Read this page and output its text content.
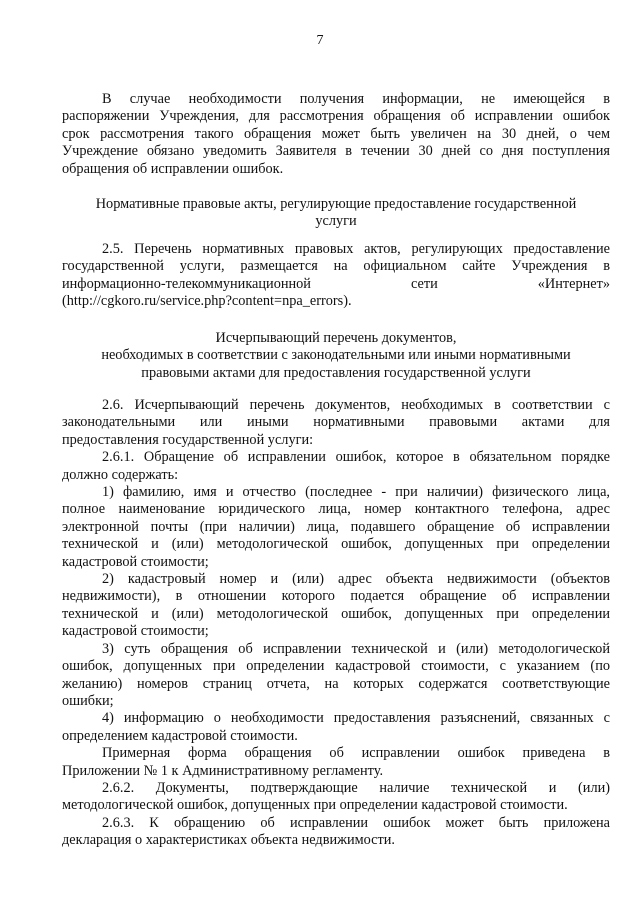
7
В случае необходимости получения информации, не имеющейся в
распоряжении Учреждения, для рассмотрения обращения об исправлении ошибок
срок рассмотрения такого обращения может быть увеличен на 30 дней, о чем
Учреждение обязано уведомить Заявителя в течении 30 дней со дня поступления
обращения об исправлении ошибок.
Нормативные правовые акты, регулирующие предоставление государственной
услуги
2.5. Перечень нормативных правовых актов, регулирующих предоставление
государственной услуги, размещается на официальном сайте Учреждения в
информационно-телекоммуникационной сети «Интернет»
(http://cgkoro.ru/service.php?content=npa_errors).
Исчерпывающий перечень документов,
необходимых в соответствии с законодательными или иными нормативными
правовыми актами для предоставления государственной услуги
2.6. Исчерпывающий перечень документов, необходимых в соответствии с
законодательными или иными нормативными правовыми актами для
предоставления государственной услуги:
2.6.1. Обращение об исправлении ошибок, которое в обязательном порядке
должно содержать:
1) фамилию, имя и отчество (последнее - при наличии) физического лица,
полное наименование юридического лица, номер контактного телефона, адрес
электронной почты (при наличии) лица, подавшего обращение об исправлении
технической и (или) методологической ошибок, допущенных при определении
кадастровой стоимости;
2) кадастровый номер и (или) адрес объекта недвижимости (объектов
недвижимости), в отношении которого подается обращение об исправлении
технической и (или) методологической ошибок, допущенных при определении
кадастровой стоимости;
3) суть обращения об исправлении технической и (или) методологической
ошибок, допущенных при определении кадастровой стоимости, с указанием (по
желанию) номеров страниц отчета, на которых содержатся соответствующие
ошибки;
4) информацию о необходимости предоставления разъяснений, связанных с
определением кадастровой стоимости.
Примерная форма обращения об исправлении ошибок приведена в
Приложении № 1 к Административному регламенту.
2.6.2. Документы, подтверждающие наличие технической и (или)
методологической ошибок, допущенных при определении кадастровой стоимости.
2.6.3. К обращению об исправлении ошибок может быть приложена
декларация о характеристиках объекта недвижимости.
